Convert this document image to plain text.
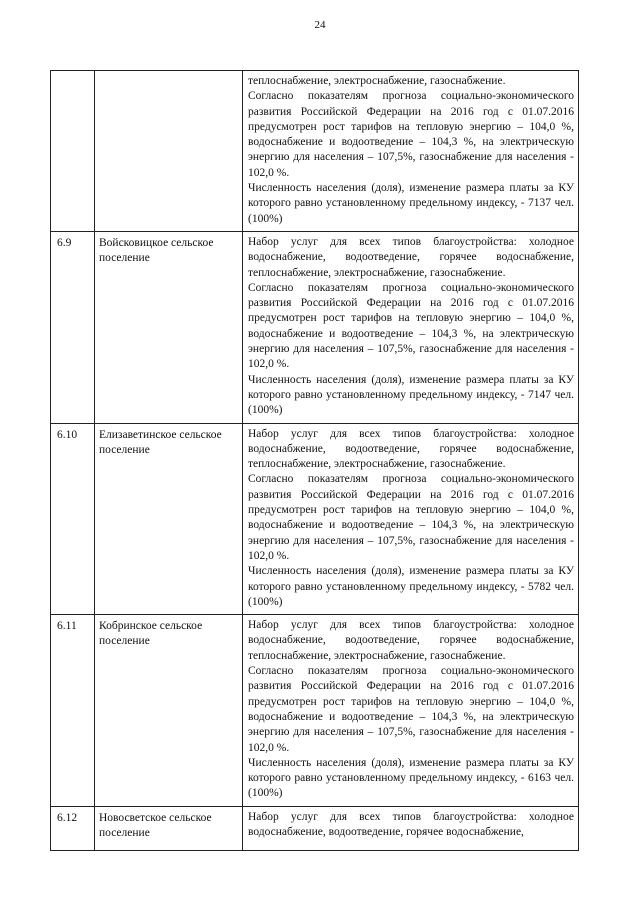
24

		теплоснабжение, электроснабжение, газоснабжение.

Согласно показателям прогноза социально-экономического развития Российской Федерации на 2016 год с 01.07.2016 предусмотрен рост тарифов на тепловую энергию – 104,0 %, водоснабжение и водоотведение – 104,3 %, на электрическую энергию для населения – 107,5%, газоснабжение для населения - 102,0 %.

Численность населения (доля), изменение размера платы за КУ которого равно установленному предельному индексу, - 7137 чел. (100%)

6.9	Войсковицкое сельское поселение	Набор услуг для всех типов благоустройства: холодное водоснабжение, водоотведение, горячее водоснабжение, теплоснабжение, электроснабжение, газоснабжение.

Согласно показателям прогноза социально-экономического развития Российской Федерации на 2016 год с 01.07.2016 предусмотрен рост тарифов на тепловую энергию – 104,0 %, водоснабжение и водоотведение – 104,3 %, на электрическую энергию для населения – 107,5%, газоснабжение для населения - 102,0 %.

Численность населения (доля), изменение размера платы за КУ которого равно установленному предельному индексу, - 7147 чел. (100%)

6.10	Елизаветинское сельское поселение	Набор услуг для всех типов благоустройства: холодное водоснабжение, водоотведение, горячее водоснабжение, теплоснабжение, электроснабжение, газоснабжение.

Согласно показателям прогноза социально-экономического развития Российской Федерации на 2016 год с 01.07.2016 предусмотрен рост тарифов на тепловую энергию – 104,0 %, водоснабжение и водоотведение – 104,3 %, на электрическую энергию для населения – 107,5%, газоснабжение для населения - 102,0 %.

Численность населения (доля), изменение размера платы за КУ которого равно установленному предельному индексу, - 5782 чел. (100%)

6.11	Кобринское сельское поселение	Набор услуг для всех типов благоустройства: холодное водоснабжение, водоотведение, горячее водоснабжение, теплоснабжение, электроснабжение, газоснабжение.

Согласно показателям прогноза социально-экономического развития Российской Федерации на 2016 год с 01.07.2016 предусмотрен рост тарифов на тепловую энергию – 104,0 %, водоснабжение и водоотведение – 104,3 %, на электрическую энергию для населения – 107,5%, газоснабжение для населения - 102,0 %.

Численность населения (доля), изменение размера платы за КУ которого равно установленному предельному индексу, - 6163 чел. (100%)

6.12	Новосветское сельское поселение	Набор услуг для всех типов благоустройства: холодное водоснабжение, водоотведение, горячее водоснабжение,
